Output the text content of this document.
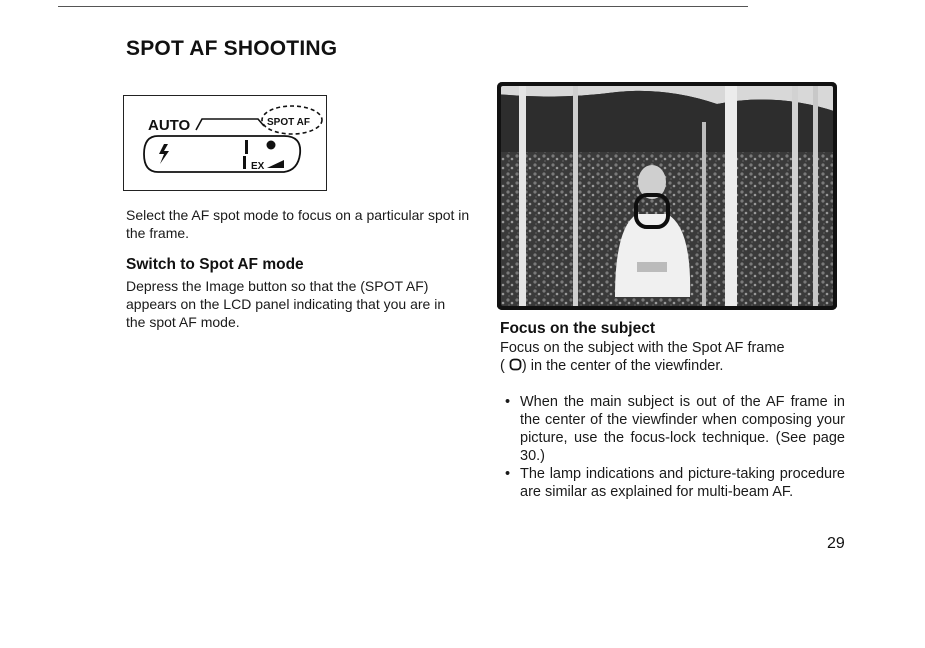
SPOT AF SHOOTING
AUTO	SPOT AF
EX

Select the AF spot mode to focus on a particular spot in the frame.

Switch to Spot AF mode

Depress the Image button so that the (SPOT AF) appears on the LCD panel indicating that you are in the spot AF mode.	Focus on the subject

Focus on the subject with the Spot AF frame
( ) in the center of the viewfinder.

• When the main subject is out of the AF frame in the center of the viewfinder when composing your picture, use the focus-lock technique. (See page 30.)
• The lamp indications and picture-taking procedure are similar as explained for multi-beam AF.

29
